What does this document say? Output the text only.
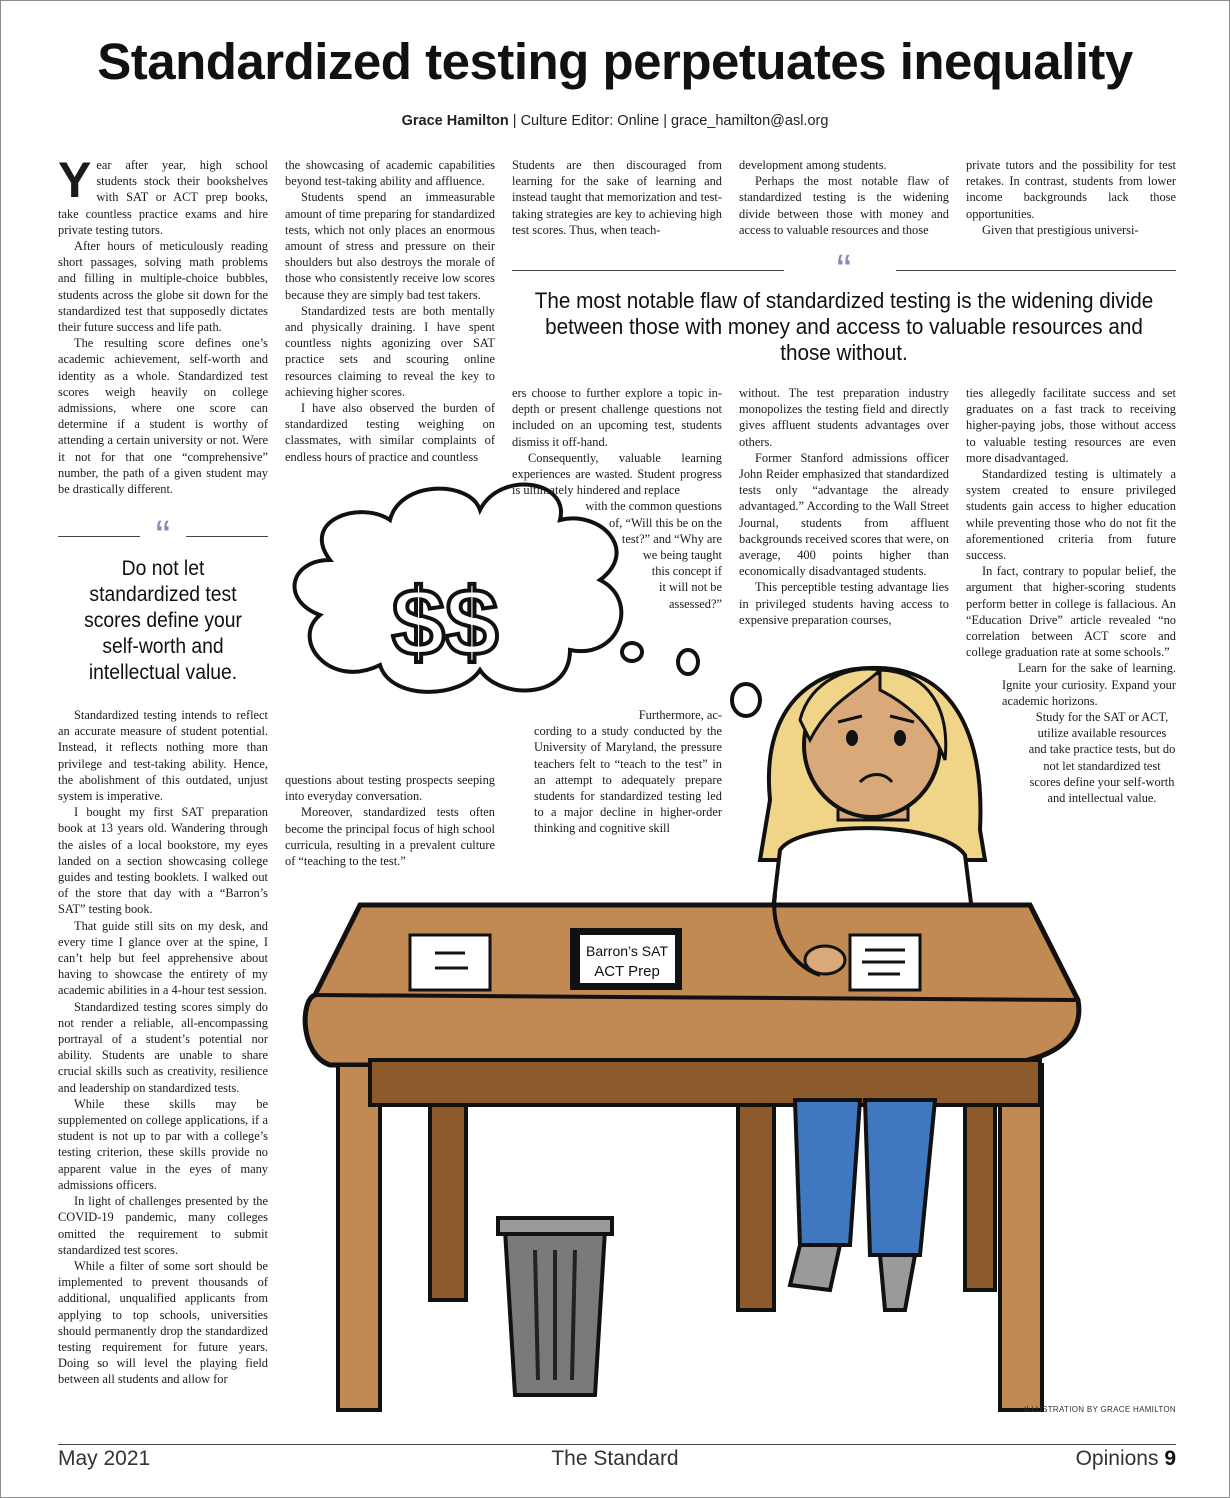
Standardized testing perpetuates inequality
Grace Hamilton | Culture Editor: Online | grace_hamilton@asl.org
$$
Barron’s SAT
ACT Prep

Year after year, high school students stock their bookshelves with SAT or ACT prep books, take countless practice exams and hire private testing tutors.

After hours of meticulously reading short passages, solving math problems and filling in multiple-choice bubbles, students across the globe sit down for the standardized test that supposedly dictates their future success and life path.

The resulting score defines one’s academic achievement, self-worth and identity as a whole. Standardized test scores weigh heavily on college admissions, where one score can determine if a student is worthy of attending a certain university or not. Were it not for that one “comprehensive” number, the path of a given student may be drastically different.

“
Do not let standardized test scores define your self-worth and intellectual value.

Standardized testing intends to reflect an accurate measure of student potential. Instead, it reflects nothing more than privilege and test-taking ability. Hence, the abolishment of this outdated, unjust system is imperative.

I bought my first SAT preparation book at 13 years old. Wandering through the aisles of a local bookstore, my eyes landed on a section showcasing college guides and testing booklets. I walked out of the store that day with a “Barron’s SAT” testing book.

That guide still sits on my desk, and every time I glance over at the spine, I can’t help but feel apprehensive about having to showcase the entirety of my academic abilities in a 4-hour test session.

Standardized testing scores simply do not render a reliable, all-encompassing portrayal of a student’s potential nor ability. Students are unable to share crucial skills such as creativity, resilience and leadership on standardized tests.

While these skills may be supplemented on college applications, if a student is not up to par with a college’s testing criterion, these skills provide no apparent value in the eyes of many admissions officers.

In light of challenges presented by the COVID-19 pandemic, many colleges omitted the requirement to submit standardized test scores.

While a filter of some sort should be implemented to prevent thousands of additional, unqualified applicants from applying to top schools, universities should permanently drop the standardized testing requirement for future years. Doing so will level the playing field between all students and allow for

the showcasing of academic capabilities beyond test-taking ability and affluence.

Students spend an immeasurable amount of time preparing for standardized tests, which not only places an enormous amount of stress and pressure on their shoulders but also destroys the morale of those who consistently receive low scores because they are simply bad test takers.

Standardized tests are both mentally and physically draining. I have spent countless nights agonizing over SAT practice sets and scouring online resources claiming to reveal the key to achieving higher scores.

I have also observed the burden of standardized testing weighing on classmates, with similar complaints of endless hours of practice and countless

questions about testing prospects seeping into everyday conversation.

Moreover, standardized tests often become the principal focus of high school curricula, resulting in a prevalent culture of “teaching to the test.”

Students are then discouraged from learning for the sake of learning and instead taught that memorization and test-taking strategies are key to achieving high test scores. Thus, when teach-

development among students.

Perhaps the most notable flaw of standardized testing is the widening divide between those with money and access to valuable resources and those

private tutors and the possibility for test retakes. In contrast, students from lower income backgrounds lack those opportunities.

Given that prestigious universi-

“
The most notable flaw of standardized testing is the widening divide between those with money and access to valuable resources and those without.

ers choose to further explore a topic in-depth or present challenge questions not included on an upcoming test, students dismiss it off-hand.

Consequently, valuable learning experiences are wasted. Student progress is ultimately hindered and replace

with the common questions
of, “Will this be on the
test?” and “Why are
we being taught
this concept if
it will not be
assessed?”
Furthermore, ac-

cording to a study conducted by the University of Maryland, the pressure teachers felt to “teach to the test” in an attempt to adequately prepare students for standardized testing led to a major decline in higher-order thinking and cognitive skill

without. The test preparation industry monopolizes the testing field and directly gives affluent students advantages over others.

Former Stanford admissions officer John Reider emphasized that standardized tests only “advantage the already advantaged.” According to the Wall Street Journal, students from affluent backgrounds received scores that were, on average, 400 points higher than economically disadvantaged students.

This perceptible testing advantage lies in privileged students having access to expensive preparation courses,

ties allegedly facilitate success and set graduates on a fast track to receiving higher-paying jobs, those without access to valuable testing resources are even more disadvantaged.

Standardized testing is ultimately a system created to ensure privileged students gain access to higher education while preventing those who do not fit the aforementioned criteria from future success.

In fact, contrary to popular belief, the argument that higher-scoring students perform better in college is fallacious. An “Education Drive” article revealed “no correlation between ACT score and college graduation rate at some schools.”

Learn for the sake of learning. Ignite your curiosity. Expand your academic horizons.

Study for the SAT or ACT, utilize available resources and take practice tests, but do not let standardized test scores define your self-worth and intellectual value.

ILLUSTRATION BY GRACE HAMILTON
May 2021	The Standard	Opinions 9
